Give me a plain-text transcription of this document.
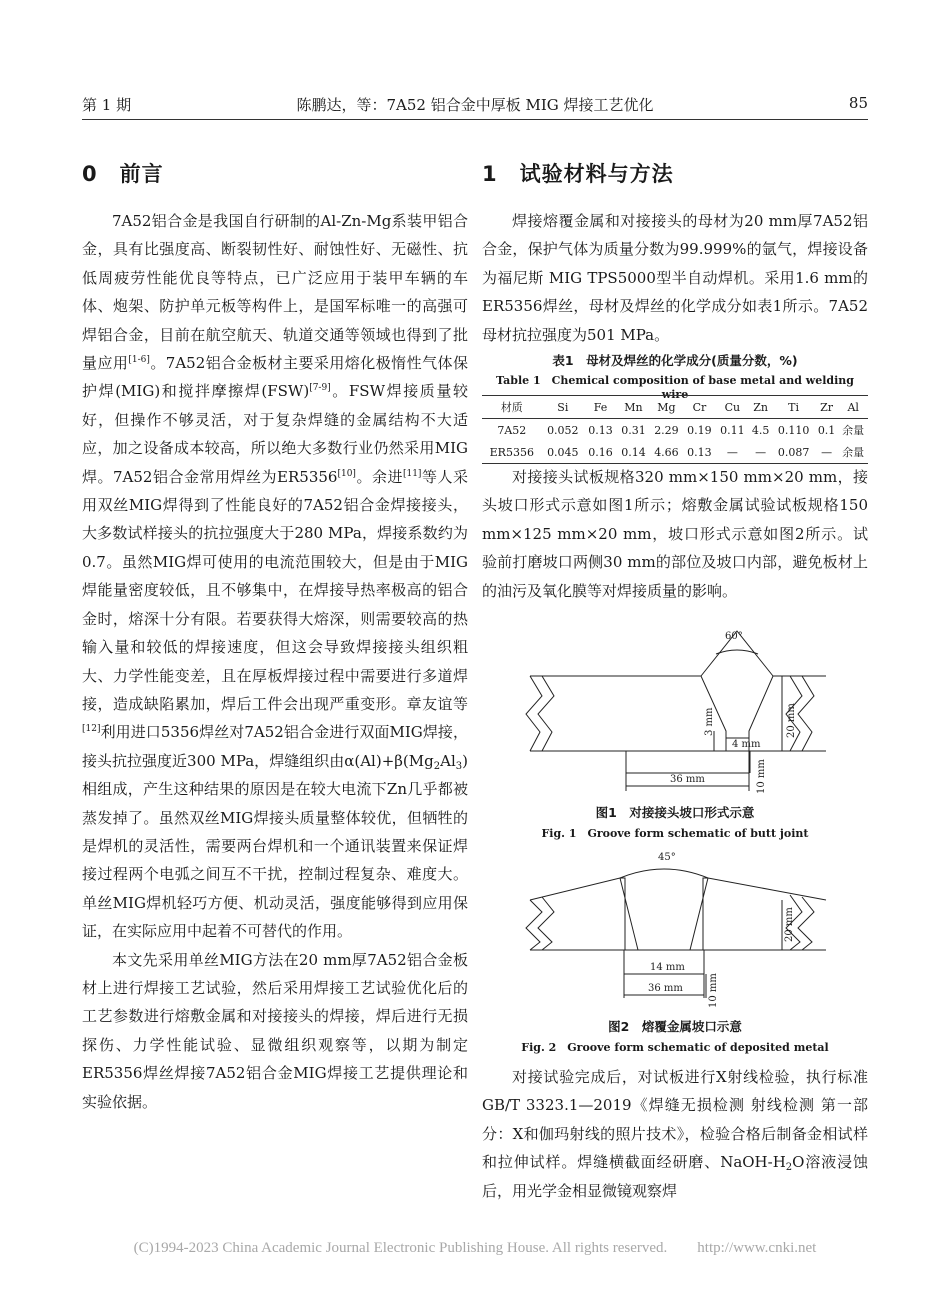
第 1 期	陈鹏达，等：7A52 铝合金中厚板 MIG 焊接工艺优化	85
0 前言	1 试验材料与方法

7A52铝合金是我国自行研制的Al-Zn-Mg系装甲铝合金，具有比强度高、断裂韧性好、耐蚀性好、无磁性、抗低周疲劳性能优良等特点，已广泛应用于装甲车辆的车体、炮架、防护单元板等构件上，是国军标唯一的高强可焊铝合金，目前在航空航天、轨道交通等领域也得到了批量应用[1-6]。7A52铝合金板材主要采用熔化极惰性气体保护焊(MIG)和搅拌摩擦焊(FSW)[7-9]。FSW焊接质量较好，但操作不够灵活，对于复杂焊缝的金属结构不大适应，加之设备成本较高，所以绝大多数行业仍然采用MIG焊。7A52铝合金常用焊丝为ER5356[10]。余进[11]等人采用双丝MIG焊得到了性能良好的7A52铝合金焊接接头，大多数试样接头的抗拉强度大于280 MPa，焊接系数约为0.7。虽然MIG焊可使用的电流范围较大，但是由于MIG焊能量密度较低，且不够集中，在焊接导热率极高的铝合金时，熔深十分有限。若要获得大熔深，则需要较高的热输入量和较低的焊接速度，但这会导致焊接接头组织粗大、力学性能变差，且在厚板焊接过程中需要进行多道焊接，造成缺陷累加，焊后工件会出现严重变形。章友谊等[12]利用进口5356焊丝对7A52铝合金进行双面MIG焊接，接头抗拉强度近300 MPa，焊缝组织由$\alpha(Al)+\beta(Mg_2Al_3)$相组成，产生这种结果的原因是在较大电流下Zn几乎都被蒸发掉了。虽然双丝MIG焊接头质量整体较优，但牺牲的是焊机的灵活性，需要两台焊机和一个通讯装置来保证焊接过程两个电弧之间互不干扰，控制过程复杂、难度大。单丝MIG焊机轻巧方便、机动灵活，强度能够得到应用保证，在实际应用中起着不可替代的作用。

本文先采用单丝MIG方法在20 mm厚7A52铝合金板材上进行焊接工艺试验，然后采用焊接工艺试验优化后的工艺参数进行熔敷金属和对接接头的焊接，焊后进行无损探伤、力学性能试验、显微组织观察等，以期为制定ER5356焊丝焊接7A52铝合金MIG焊接工艺提供理论和实验依据。

焊接熔覆金属和对接接头的母材为20 mm厚7A52铝合金，保护气体为质量分数为99.999%的氩气，焊接设备为福尼斯 MIG TPS5000型半自动焊机。采用1.6 mm的ER5356焊丝，母材及焊丝的化学成分如表1所示。7A52母材抗拉强度为501 MPa。

表1　母材及焊丝的化学成分(质量分数，%)
Table 1　Chemical composition of base metal and welding wire
材质	Si	Fe	Mn	Mg	Cr	Cu	Zn	Ti	Zr	Al
7A52	0.052	0.13	0.31	2.29	0.19	0.11	4.5	0.110	0.1	余量
ER5356	0.045	0.16	0.14	4.66	0.13	—	—	0.087	—	余量

对接接头试板规格320 mm×150 mm×20 mm，接头坡口形式示意如图1所示；熔敷金属试验试板规格150 mm×125 mm×20 mm，坡口形式示意如图2所示。试验前打磨坡口两侧30 mm的部位及坡口内部，避免板材上的油污及氧化膜等对焊接质量的影响。

60°
3 mm	20 mm
4 mm
36 mm	10 mm
图1　对接接头坡口形式示意
Fig. 1　Groove form schematic of butt joint
45°
20 mm
14 mm
36 mm	10 mm
图2　熔覆金属坡口示意
Fig. 2　Groove form schematic of deposited metal

对接试验完成后，对试板进行X射线检验，执行标准GB/T 3323.1—2019《焊缝无损检测 射线检测 第一部分：X和伽玛射线的照片技术》，检验合格后制备金相试样和拉伸试样。焊缝横截面经研磨、NaOH-$H_2O$溶液浸蚀后，用光学金相显微镜观察焊

(C)1994-2023 China Academic Journal Electronic Publishing House. All rights reserved.　　http://www.cnki.net
